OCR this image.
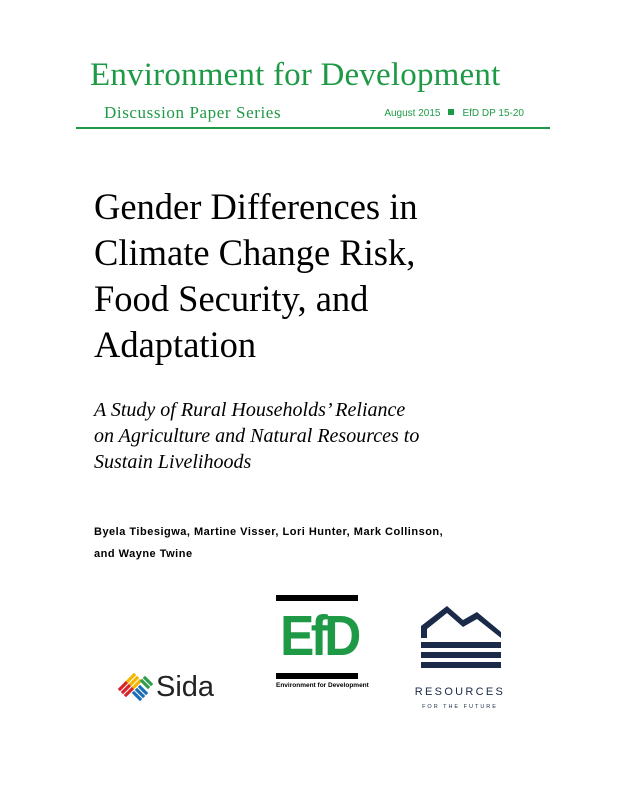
Environment for Development
Discussion Paper Series	August 2015 EfD DP 15-20
Gender Differences in
Climate Change Risk,
Food Security, and
Adaptation
A Study of Rural Households’ Reliance
on Agriculture and Natural Resources to
Sustain Livelihoods
Byela Tibesigwa, Martine Visser, Lori Hunter, Mark Collinson,
and Wayne Twine
Sida
EfD
Environment for Development
RESOURCES
FOR THE FUTURE
